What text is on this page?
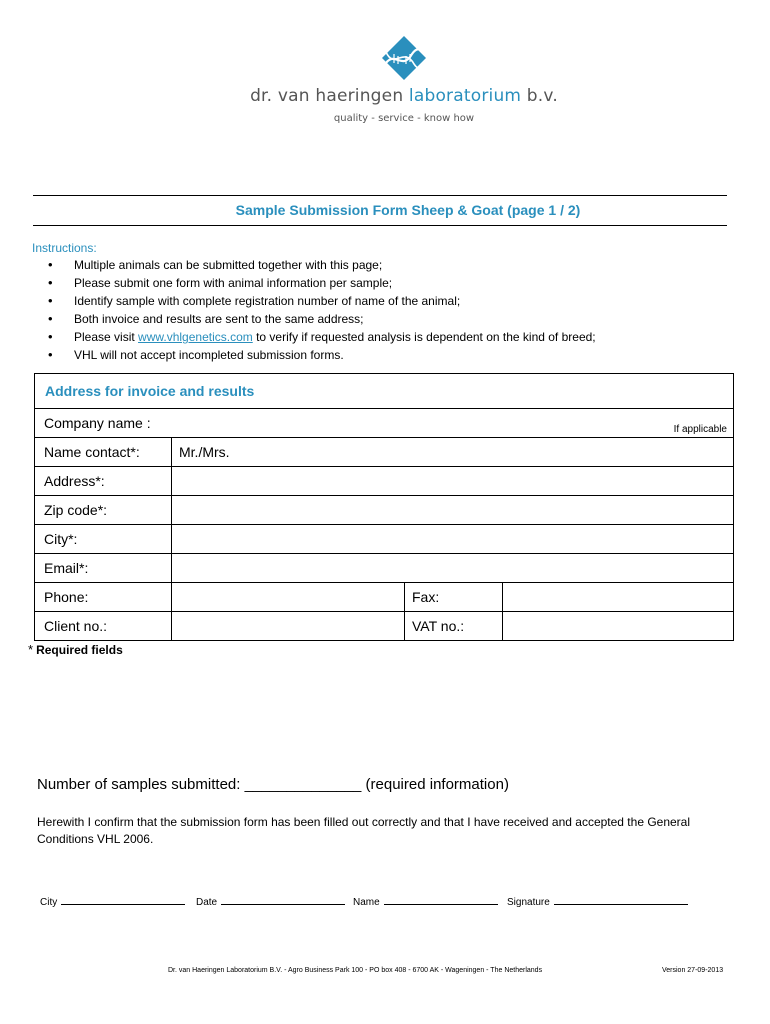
dr. van haeringen laboratorium b.v.
quality - service - know how
Sample Submission Form Sheep & Goat (page 1 / 2)
Instructions:
• Multiple animals can be submitted together with this page;
• Please submit one form with animal information per sample;
• Identify sample with complete registration number of name of the animal;
• Both invoice and results are sent to the same address;
• Please visit www.vhlgenetics.com to verify if requested analysis is dependent on the kind of breed;
• VHL will not accept incompleted submission forms.
Address for invoice and results
Company name :	If applicable
Name contact*:	Mr./Mrs.
Address*:
Zip code*:
City*:
Email*:
Phone:	Fax:
Client no.:	VAT no.:
* Required fields
Number of samples submitted: ______________ (required information)
Herewith I confirm that the submission form has been filled out correctly and that I have received and accepted the General Conditions VHL 2006.
City	Date	Name	Signature
Dr. van Haeringen Laboratorium B.V. - Agro Business Park 100 - PO box 408 - 6700 AK - Wageningen - The Netherlands	Version 27-09-2013
